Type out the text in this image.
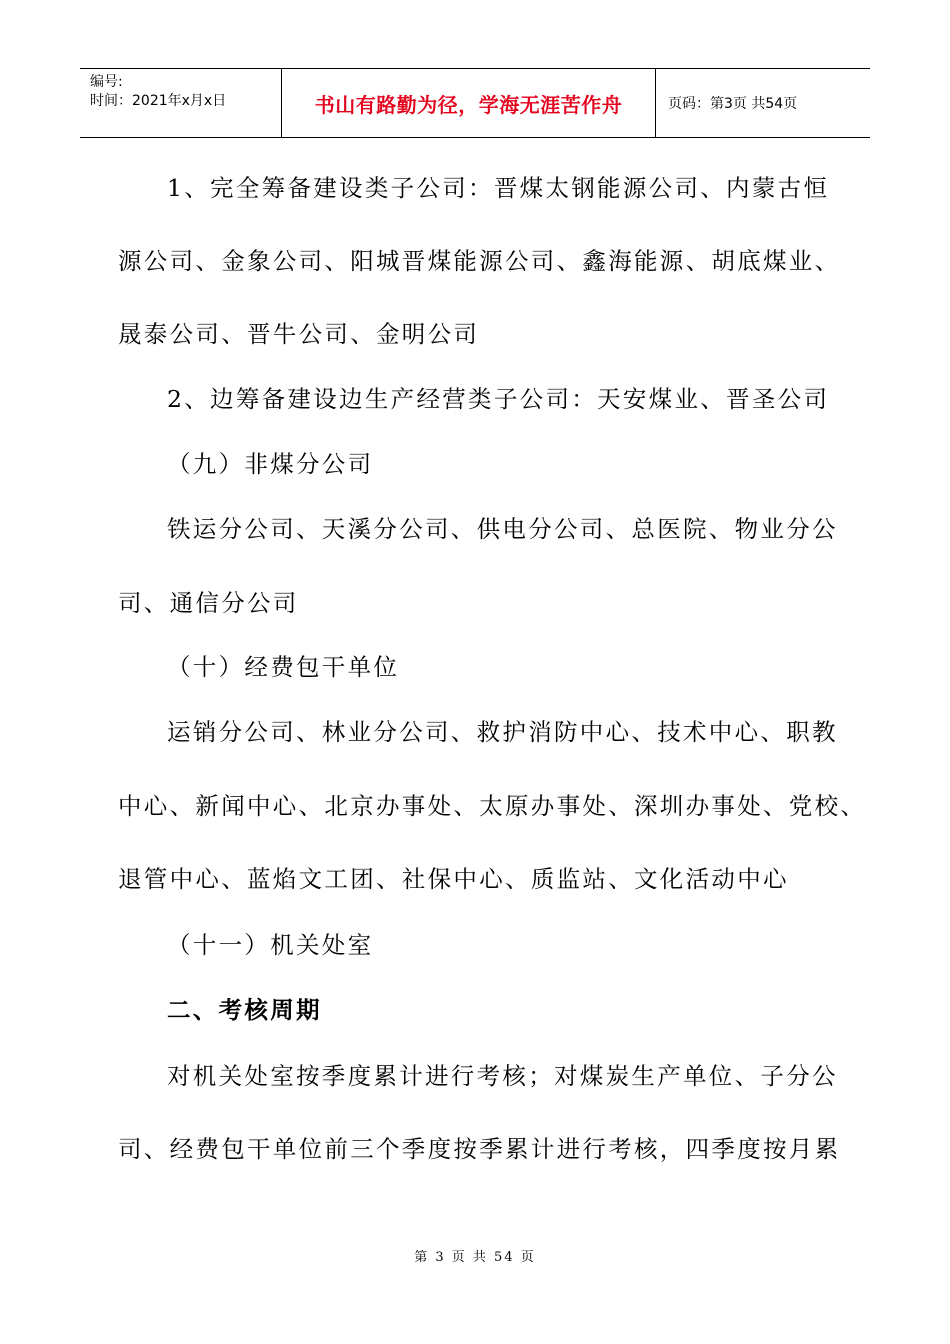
编号:
时间：2021年x月x日	书山有路勤为径，学海无涯苦作舟	页码：第3页 共54页
1、完全筹备建设类子公司：晋煤太钢能源公司、内蒙古恒
源公司、金象公司、阳城晋煤能源公司、鑫海能源、胡底煤业、
晟泰公司、晋牛公司、金明公司
2、边筹备建设边生产经营类子公司：天安煤业、晋圣公司
（九）非煤分公司
铁运分公司、天溪分公司、供电分公司、总医院、物业分公
司、通信分公司
（十）经费包干单位
运销分公司、林业分公司、救护消防中心、技术中心、职教
中心、新闻中心、北京办事处、太原办事处、深圳办事处、党校、
退管中心、蓝焰文工团、社保中心、质监站、文化活动中心
（十一）机关处室
二、考核周期
对机关处室按季度累计进行考核；对煤炭生产单位、子分公
司、经费包干单位前三个季度按季累计进行考核，四季度按月累
第 3 页 共 54 页
